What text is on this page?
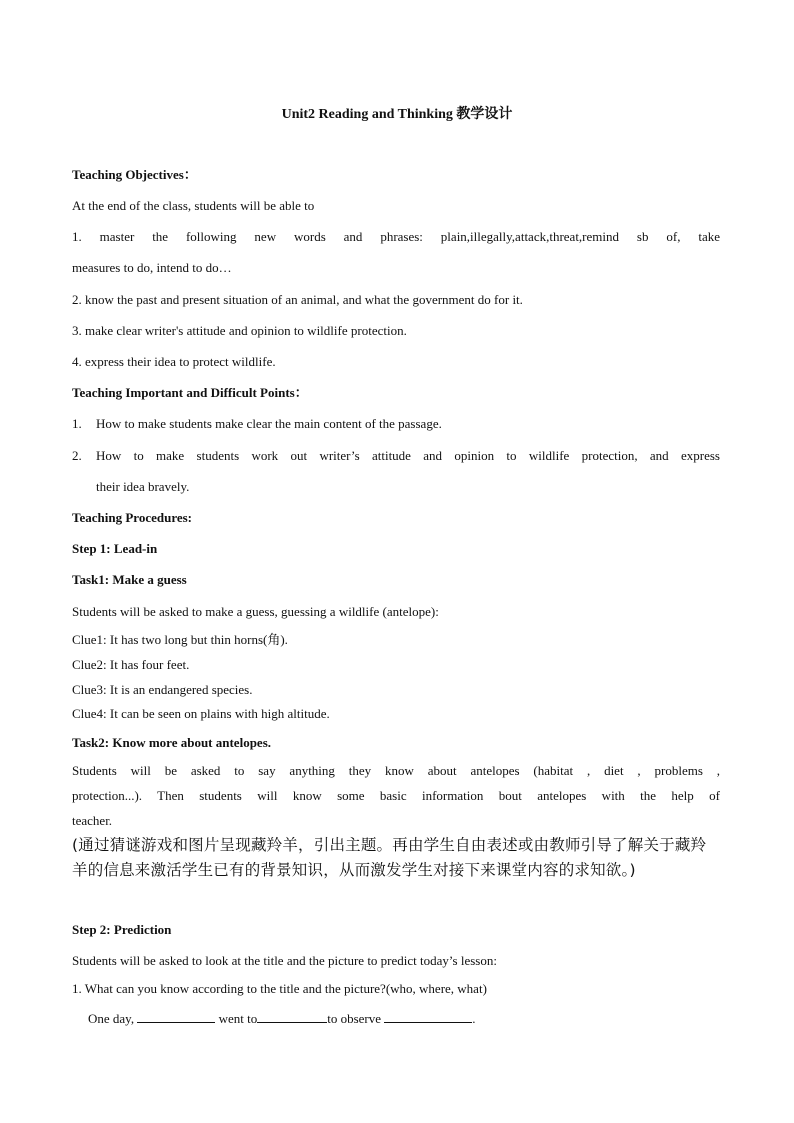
Unit2 Reading and Thinking 教学设计
Teaching Objectives：
At the end of the class, students will be able to
1. master the following new words and phrases: plain,illegally,attack,threat,remind sb of, take
measures to do, intend to do…
2. know the past and present situation of an animal, and what the government do for it.
3. make clear writer's attitude and opinion to wildlife protection.
4. express their idea to protect wildlife.
Teaching Important and Difficult Points：
1. How to make students make clear the main content of the passage.
2.	How to make students work out writer’s attitude and opinion to wildlife protection, and express
their idea bravely.
Teaching Procedures:
Step 1: Lead-in
Task1: Make a guess
Students will be asked to make a guess, guessing a wildlife (antelope):
Clue1: It has two long but thin horns(角).
Clue2: It has four feet.
Clue3: It is an endangered species.
Clue4: It can be seen on plains with high altitude.
Task2: Know more about antelopes.
Students will be asked to say anything they know about antelopes (habitat , diet , problems ,
protection...). Then students will know some basic information bout antelopes with the help of
teacher.
(通过猜谜游戏和图片呈现藏羚羊，引出主题。再由学生自由表述或由教师引导了解关于藏羚
羊的信息来激活学生已有的背景知识，从而激发学生对接下来课堂内容的求知欲。)
Step 2: Prediction
Students will be asked to look at the title and the picture to predict today’s lesson:
1. What can you know according to the title and the picture?(who, where, what)
One day,	went to	to observe	.
